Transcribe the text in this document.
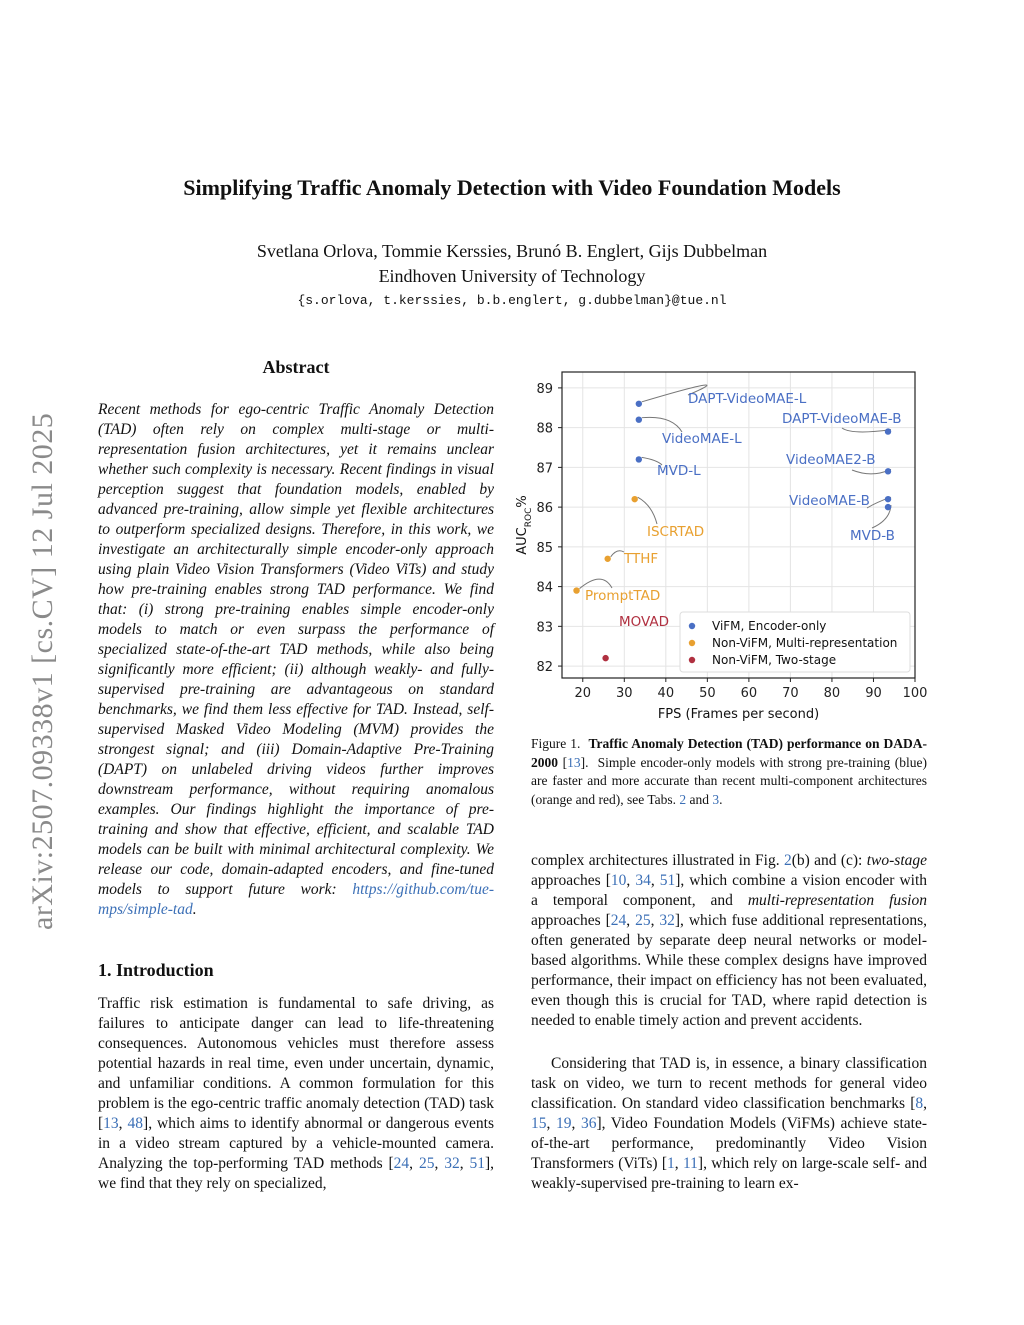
Simplifying Traffic Anomaly Detection with Video Foundation Models
Svetlana Orlova, Tommie Kerssies, Brunó B. Englert, Gijs Dubbelman
Eindhoven University of Technology
{s.orlova, t.kerssies, b.b.englert, g.dubbelman}@tue.nl
arXiv:2507.09338v1 [cs.CV] 12 Jul 2025
Abstract
Recent methods for ego-centric Traffic Anomaly Detection (TAD) often rely on complex multi-stage or multi-representation fusion architectures, yet it remains unclear whether such complexity is necessary. Recent findings in visual perception suggest that foundation models, enabled by advanced pre-training, allow simple yet flexible architectures to outperform specialized designs. Therefore, in this work, we investigate an architecturally simple encoder-only approach using plain Video Vision Transformers (Video ViTs) and study how pre-training enables strong TAD performance. We find that: (i) strong pre-training enables simple encoder-only models to match or even surpass the performance of specialized state-of-the-art TAD methods, while also being significantly more efficient; (ii) although weakly- and fully-supervised pre-training are advantageous on standard benchmarks, we find them less effective for TAD. Instead, self-supervised Masked Video Modeling (MVM) provides the strongest signal; and (iii) Domain-Adaptive Pre-Training (DAPT) on unlabeled driving videos further improves downstream performance, without requiring anomalous examples. Our findings highlight the importance of pre-training and show that effective, efficient, and scalable TAD models can be built with minimal architectural complexity. We release our code, domain-adapted encoders, and fine-tuned models to support future work: https://github.com/tue-mps/simple-tad.
1. Introduction
Traffic risk estimation is fundamental to safe driving, as failures to anticipate danger can lead to life-threatening consequences. Autonomous vehicles must therefore assess potential hazards in real time, even under uncertain, dynamic, and unfamiliar conditions. A common formulation for this problem is the ego-centric traffic anomaly detection (TAD) task [13, 48], which aims to identify abnormal or dangerous events in a video stream captured by a vehicle-mounted camera. Analyzing the top-performing TAD methods [24, 25, 32, 51], we find that they rely on specialized,
DAPT-VideoMAE-L
VideoMAE-L
MVD-L
DAPT-VideoMAE-B
VideoMAE2-B
VideoMAE-B
MVD-B
ISCRTAD
TTHF
PromptTAD
MOVAD
20 30 40 50 60 70 80 90 100
82
83
84
85
86
87
88
89
FPS (Frames per second)
$AUC_{ROC}\%$
ViFM, Encoder-only
Non-ViFM, Multi-representation
Non-ViFM, Two-stage
Figure 1. Traffic Anomaly Detection (TAD) performance on DADA-2000 [13].  Simple encoder-only models with strong pre-training (blue) are faster and more accurate than recent multi-component architectures (orange and red), see Tabs. 2 and 3.
complex architectures illustrated in Fig. 2(b) and (c): two-stage approaches [10, 34, 51], which combine a vision encoder with a temporal component, and multi-representation fusion approaches [24, 25, 32], which fuse additional representations, often generated by separate deep neural networks or model-based algorithms. While these complex designs have improved performance, their impact on efficiency has not been evaluated, even though this is crucial for TAD, where rapid detection is needed to enable timely action and prevent accidents.
Considering that TAD is, in essence, a binary classification task on video, we turn to recent methods for general video classification. On standard video classification benchmarks [8, 15, 19, 36], Video Foundation Models (ViFMs) achieve state-of-the-art performance, predominantly Video Vision Transformers (ViTs) [1, 11], which rely on large-scale self- and weakly-supervised pre-training to learn ex-
